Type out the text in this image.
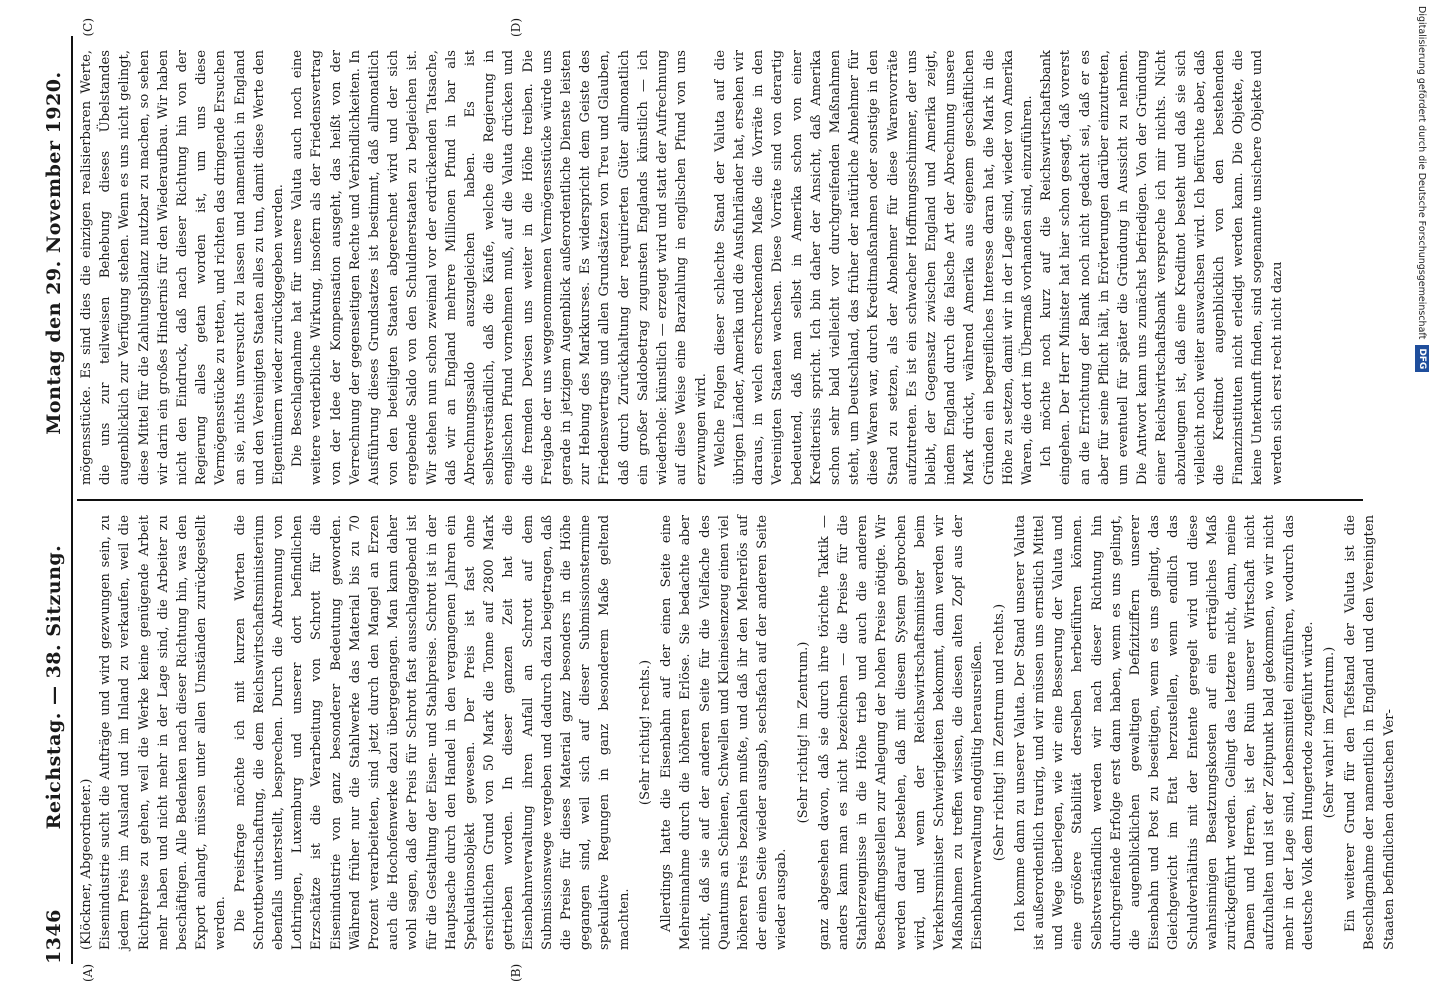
1346
Reichstag. — 38. Sitzung.
Montag den 29. November 1920.
(A)	(B)

(Klöckner, Abgeordneter.) Eisenindustrie sucht die Aufträge und wird gezwungen sein, zu jedem Preis im Ausland und im Inland zu verkaufen, weil die Richtpreise zu gehen, weil die Werke keine genügende Arbeit mehr haben und nicht mehr in der Lage sind, die Arbeiter zu beschäftigen. Alle Bedenken nach dieser Richtung hin, was den Export anlangt, müssen unter allen Umständen zurückgestellt werden. Die Preisfrage möchte ich mit kurzen Worten die Schrottbewirtschaftung, die dem Reichswirtschaftsministerium ebenfalls unterstellt, besprechen. Durch die Abtrennung von Lothringen, Luxemburg und unserer dort befindlichen Erzschätze ist die Verarbeitung von Schrott für die Eisenindustrie von ganz besonderer Bedeutung geworden. Während früher nur die Stahlwerke das Material bis zu 70 Prozent verarbeiteten, sind jetzt durch den Mangel an Erzen auch die Hochofenwerke dazu übergegangen. Man kann daher wohl sagen, daß der Preis für Schrott fast ausschlaggebend ist für die Gestaltung der Eisen- und Stahlpreise. Schrott ist in der Hauptsache durch den Handel in den vergangenen Jahren ein Spekulationsobjekt gewesen. Der Preis ist fast ohne ersichtlichen Grund von 50 Mark die Tonne auf 2800 Mark getrieben worden. In dieser ganzen Zeit hat die Eisenbahnverwaltung ihren Anfall an Schrott auf dem Submissionswege vergeben und dadurch dazu beigetragen, daß die Preise für dieses Material ganz besonders in die Höhe gegangen sind, weil sich auf dieser Submissionstermine spekulative Regungen in ganz besonderem Maße geltend machten.

(Sehr richtig! rechts.) Allerdings hatte die Eisenbahn auf der einen Seite eine Mehreinnahme durch die höheren Erlöse. Sie bedachte aber nicht, daß sie auf der anderen Seite für die Vielfache des Quantums an Schienen, Schwellen und Kleineisenzeug einen viel höheren Preis bezahlen mußte, und daß ihr den Mehrerlös auf der einen Seite wieder ausgab, sechsfach auf der anderen Seite wieder ausgab.

(Sehr richtig! im Zentrum.) ganz abgesehen davon, daß sie durch ihre törichte Taktik — anders kann man es nicht bezeichnen — die Preise für die Stahlerzeugnisse in die Höhe trieb und auch die anderen Beschaffungsstellen zur Anlegung der hohen Preise nötigte. Wir werden darauf bestehen, daß mit diesem System gebrochen wird, und wenn der Reichswirtschaftsminister beim Verkehrsminister Schwierigkeiten bekommt, dann werden wir Maßnahmen zu treffen wissen, die diesen alten Zopf aus der Eisenbahnverwaltung endgültig herausreißen. (Sehr richtig! im Zentrum und rechts.) Ich komme dann zu unserer Valuta. Der Stand unserer Valuta ist außerordentlich traurig, und wir müssen uns ernstlich Mittel und Wege überlegen, wie wir eine Besserung der Valuta und eine größere Stabilität derselben herbeiführen können. Selbstverständlich werden wir nach dieser Richtung hin durchgreifende Erfolge erst dann haben, wenn es uns gelingt, die augenblicklichen gewaltigen Defizitziffern unserer Eisenbahn und Post zu beseitigen, wenn es uns gelingt, das Gleichgewicht im Etat herzustellen, wenn endlich das Schuldverhältnis mit der Entente geregelt wird und diese wahnsinnigen Besatzungskosten auf ein erträgliches Maß zurückgeführt werden. Gelingt das letztere nicht, dann, meine Damen und Herren, ist der Ruin unserer Wirtschaft nicht aufzuhalten und ist der Zeitpunkt bald gekommen, wo wir nicht mehr in der Lage sind, Lebensmittel einzuführen, wodurch das deutsche Volk dem Hungertode zugeführt würde. (Sehr wahr! im Zentrum.) Ein weiterer Grund für den Tiefstand der Valuta ist die Beschlagnahme der namentlich in England und den Vereinigten Staaten befindlichen deutschen Ver-

(C)	(D)

mögensstücke. Es sind dies die einzigen realisierbaren Werte, die uns zur teilweisen Behebung dieses Übelstandes augenblicklich zur Verfügung stehen. Wenn es uns nicht gelingt, diese Mittel für die Zahlungsbilanz nutzbar zu machen, so sehen wir darin ein großes Hindernis für den Wiederaufbau. Wir haben nicht den Eindruck, daß nach dieser Richtung hin von der Regierung alles getan worden ist, um uns diese Vermögensstücke zu retten, und richten das dringende Ersuchen an sie, nichts unversucht zu lassen und namentlich in England und den Vereinigten Staaten alles zu tun, damit diese Werte den Eigentümern wieder zurückgegeben werden. Die Beschlagnahme hat für unsere Valuta auch noch eine weitere verderbliche Wirkung, insofern als der Friedensvertrag von der Idee der Kompensation ausgeht, das heißt von der Verrechnung der gegenseitigen Rechte und Verbindlichkeiten. In Ausführung dieses Grundsatzes ist bestimmt, daß allmonatlich von den beteiligten Staaten abgerechnet wird und der sich ergebende Saldo von den Schuldnerstaaten zu begleichen ist. Wir stehen nun schon zweimal vor der erdrückenden Tatsache, daß wir an England mehrere Millionen Pfund in bar als Abrechnungssaldo auszugleichen haben. Es ist selbstverständlich, daß die Käufe, welche die Regierung in englischen Pfund vornehmen muß, auf die Valuta drücken und die fremden Devisen uns weiter in die Höhe treiben. Die Freigabe der uns weggenommenen Vermögensstücke würde uns gerade in jetzigem Augenblick außerordentliche Dienste leisten zur Hebung des Markkurses. Es widerspricht dem Geiste des Friedensvertrags und allen Grundsätzen von Treu und Glauben, daß durch Zurückhaltung der requirierten Güter allmonatlich ein großer Saldobetrag zugunsten Englands künstlich — ich wiederhole: künstlich — erzeugt wird und statt der Aufrechnung auf diese Weise eine Barzahlung in englischen Pfund von uns erzwungen wird. Welche Folgen dieser schlechte Stand der Valuta auf die übrigen Länder, Amerika und die Ausfuhrländer hat, ersehen wir daraus, in welch erschreckendem Maße die Vorräte in den Vereinigten Staaten wachsen. Diese Vorräte sind von derartig bedeutend, daß man selbst in Amerika schon von einer Krediterisis spricht. Ich bin daher der Ansicht, daß Amerika schon sehr bald vielleicht vor durchgreifenden Maßnahmen steht, um Deutschland, das früher der natürliche Abnehmer für diese Waren war, durch Kreditmaßnahmen oder sonstige in den Stand zu setzen, als der Abnehmer für diese Warenvorräte aufzutreten. Es ist ein schwacher Hoffnungsschimmer, der uns bleibt, der Gegensatz zwischen England und Amerika zeigt, indem England durch die falsche Art der Abrechnung unsere Mark drückt, während Amerika aus eigenem geschäftlichen Gründen ein begreifliches Interesse daran hat, die Mark in die Höhe zu setzen, damit wir in der Lage sind, wieder von Amerika Waren, die dort im Übermaß vorhanden sind, einzuführen. Ich möchte noch kurz auf die Reichswirtschaftsbank eingehen. Der Herr Minister hat hier schon gesagt, daß vorerst an die Errichtung der Bank noch nicht gedacht sei, daß er es aber für seine Pflicht hält, in Erörterungen darüber einzutreten, um eventuell für später die Gründung in Aussicht zu nehmen. Die Antwort kann uns zunächst befriedigen. Von der Gründung einer Reichswirtschaftsbank verspreche ich mir nichts. Nicht abzuleugnen ist, daß eine Kreditnot besteht und daß sie sich vielleicht noch weiter auswachsen wird. Ich befürchte aber, daß die Kreditnot augenblicklich von den bestehenden Finanzinstituten nicht erledigt werden kann. Die Objekte, die keine Unterkunft finden, sind sogenannte unsichere Objekte und werden sich erst recht nicht dazu

Digitalisierung gefördert durch die Deutsche Forschungsgemeinschaft
DFG
